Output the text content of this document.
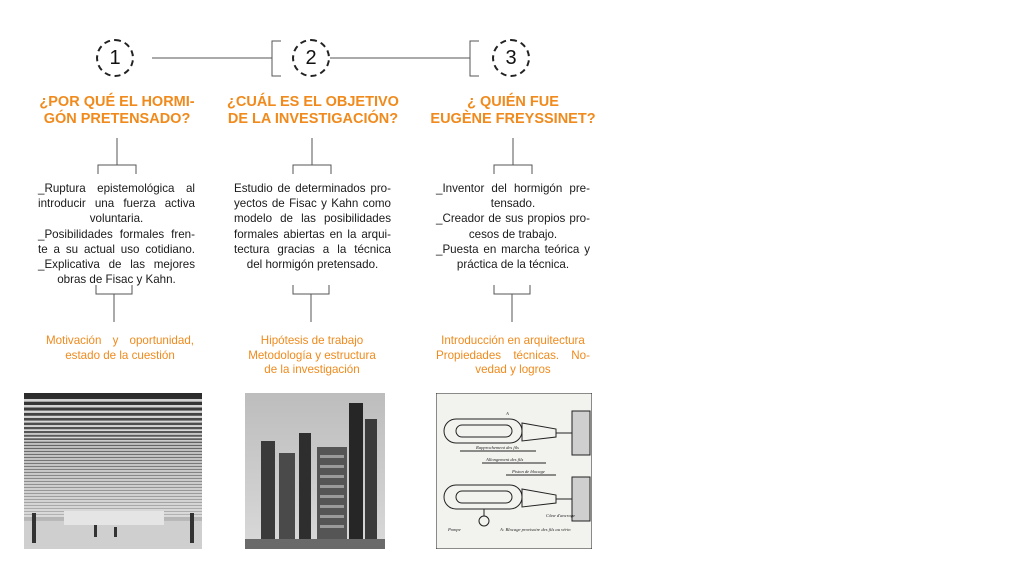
1	2	3
¿POR QUÉ EL HORMI-
GÓN PRETENSADO?
¿CUÁL ES EL OBJETIVO
DE LA INVESTIGACIÓN?
¿ QUIÉN FUE
EUGÈNE FREYSSINET?
_Ruptura epistemológica al
introducir una fuerza activa
voluntaria.
_Posibilidades formales fren-
te a su actual uso cotidiano.
_Explicativa de las mejores
obras de Fisac y Kahn.
Estudio de determinados pro-
yectos de Fisac y Kahn como
modelo de las posibilidades
formales abiertas en la arqui-
tectura gracias a la técnica
del hormigón pretensado.
_Inventor del hormigón pre-
tensado.
_Creador de sus propios pro-
cesos de trabajo.
_Puesta en marcha teórica y
práctica de la técnica.
Motivación y oportunidad,
estado de la cuestión
Hipótesis de trabajo
Metodología y estructura
de la investigación
Introducción en arquitectura
Propiedades técnicas. No-
vedad y logros
A
Rapprochement des fils
Allongement des fils
Piston de blocage
Cône d'ancrage
Pompe	A: Blocage provisoire des fils au vérin
